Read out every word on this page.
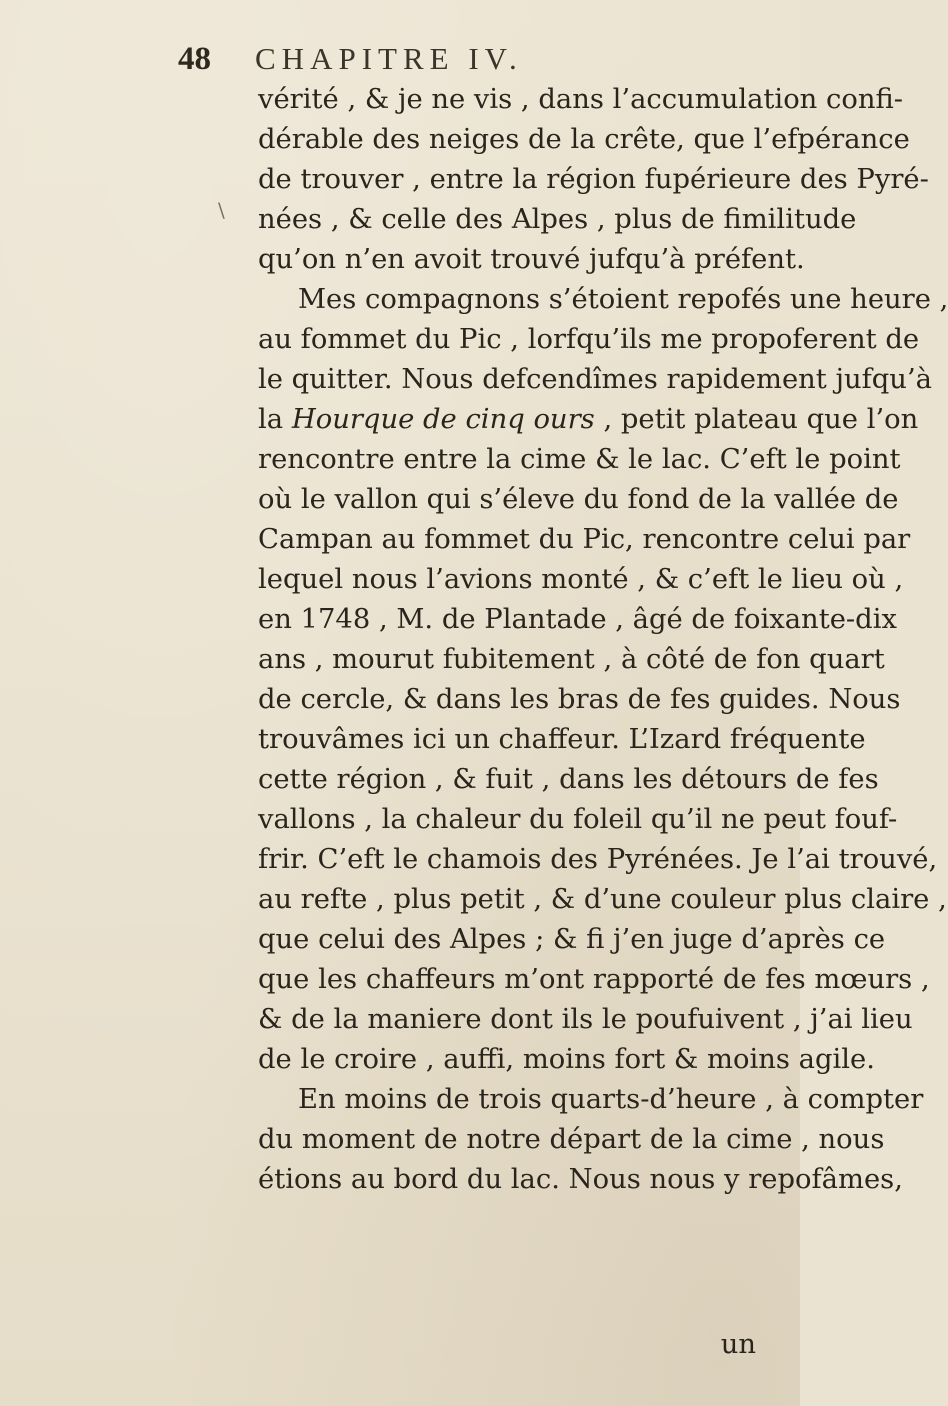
48 CHAPITRE IV.
\
vérité , & je ne vis , dans l’accumulation confi-
dérable des neiges de la crête, que l’efpérance
de trouver , entre la région fupérieure des Pyré-
nées , & celle des Alpes , plus de fimilitude
qu’on n’en avoit trouvé jufqu’à préfent.
Mes compagnons s’étoient repofés une heure ,
au fommet du Pic , lorfqu’ils me propoferent de
le quitter. Nous defcendîmes rapidement jufqu’à
la Hourque de cinq ours , petit plateau que l’on
rencontre entre la cime & le lac. C’eft le point
où le vallon qui s’éleve du fond de la vallée de
Campan au fommet du Pic, rencontre celui par
lequel nous l’avions monté , & c’eft le lieu où ,
en 1748 , M. de Plantade , âgé de foixante-dix
ans , mourut fubitement , à côté de fon quart
de cercle, & dans les bras de fes guides. Nous
trouvâmes ici un chaffeur. L’Izard fréquente
cette région , & fuit , dans les détours de fes
vallons , la chaleur du foleil qu’il ne peut fouf-
frir. C’eft le chamois des Pyrénées. Je l’ai trouvé,
au refte , plus petit , & d’une couleur plus claire ,
que celui des Alpes ; & fi j’en juge d’après ce
que les chaffeurs m’ont rapporté de fes mœurs ,
& de la maniere dont ils le poufuivent , j’ai lieu
de le croire , auffi, moins fort & moins agile.
En moins de trois quarts-d’heure , à compter
du moment de notre départ de la cime , nous
étions au bord du lac. Nous nous y repofâmes,
un
